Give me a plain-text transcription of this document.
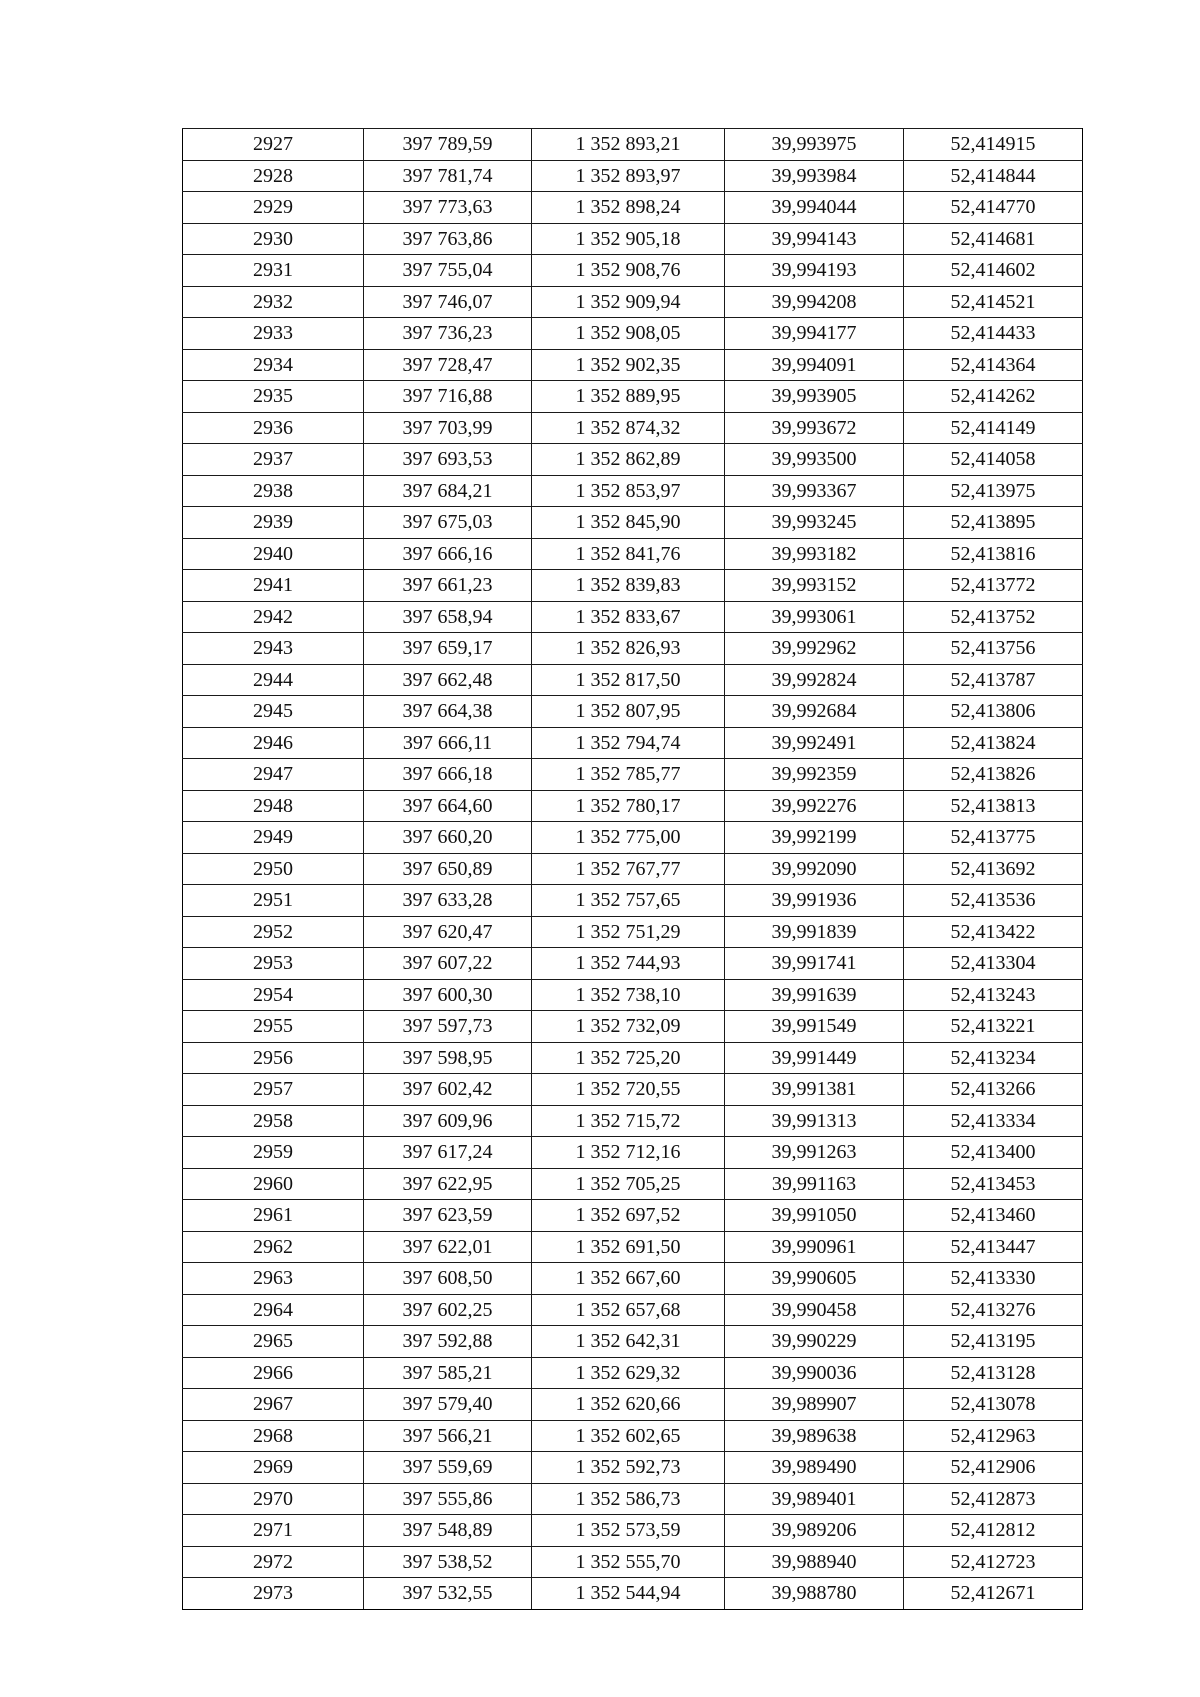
2927	397 789,59	1 352 893,21	39,993975	52,414915
2928	397 781,74	1 352 893,97	39,993984	52,414844
2929	397 773,63	1 352 898,24	39,994044	52,414770
2930	397 763,86	1 352 905,18	39,994143	52,414681
2931	397 755,04	1 352 908,76	39,994193	52,414602
2932	397 746,07	1 352 909,94	39,994208	52,414521
2933	397 736,23	1 352 908,05	39,994177	52,414433
2934	397 728,47	1 352 902,35	39,994091	52,414364
2935	397 716,88	1 352 889,95	39,993905	52,414262
2936	397 703,99	1 352 874,32	39,993672	52,414149
2937	397 693,53	1 352 862,89	39,993500	52,414058
2938	397 684,21	1 352 853,97	39,993367	52,413975
2939	397 675,03	1 352 845,90	39,993245	52,413895
2940	397 666,16	1 352 841,76	39,993182	52,413816
2941	397 661,23	1 352 839,83	39,993152	52,413772
2942	397 658,94	1 352 833,67	39,993061	52,413752
2943	397 659,17	1 352 826,93	39,992962	52,413756
2944	397 662,48	1 352 817,50	39,992824	52,413787
2945	397 664,38	1 352 807,95	39,992684	52,413806
2946	397 666,11	1 352 794,74	39,992491	52,413824
2947	397 666,18	1 352 785,77	39,992359	52,413826
2948	397 664,60	1 352 780,17	39,992276	52,413813
2949	397 660,20	1 352 775,00	39,992199	52,413775
2950	397 650,89	1 352 767,77	39,992090	52,413692
2951	397 633,28	1 352 757,65	39,991936	52,413536
2952	397 620,47	1 352 751,29	39,991839	52,413422
2953	397 607,22	1 352 744,93	39,991741	52,413304
2954	397 600,30	1 352 738,10	39,991639	52,413243
2955	397 597,73	1 352 732,09	39,991549	52,413221
2956	397 598,95	1 352 725,20	39,991449	52,413234
2957	397 602,42	1 352 720,55	39,991381	52,413266
2958	397 609,96	1 352 715,72	39,991313	52,413334
2959	397 617,24	1 352 712,16	39,991263	52,413400
2960	397 622,95	1 352 705,25	39,991163	52,413453
2961	397 623,59	1 352 697,52	39,991050	52,413460
2962	397 622,01	1 352 691,50	39,990961	52,413447
2963	397 608,50	1 352 667,60	39,990605	52,413330
2964	397 602,25	1 352 657,68	39,990458	52,413276
2965	397 592,88	1 352 642,31	39,990229	52,413195
2966	397 585,21	1 352 629,32	39,990036	52,413128
2967	397 579,40	1 352 620,66	39,989907	52,413078
2968	397 566,21	1 352 602,65	39,989638	52,412963
2969	397 559,69	1 352 592,73	39,989490	52,412906
2970	397 555,86	1 352 586,73	39,989401	52,412873
2971	397 548,89	1 352 573,59	39,989206	52,412812
2972	397 538,52	1 352 555,70	39,988940	52,412723
2973	397 532,55	1 352 544,94	39,988780	52,412671
